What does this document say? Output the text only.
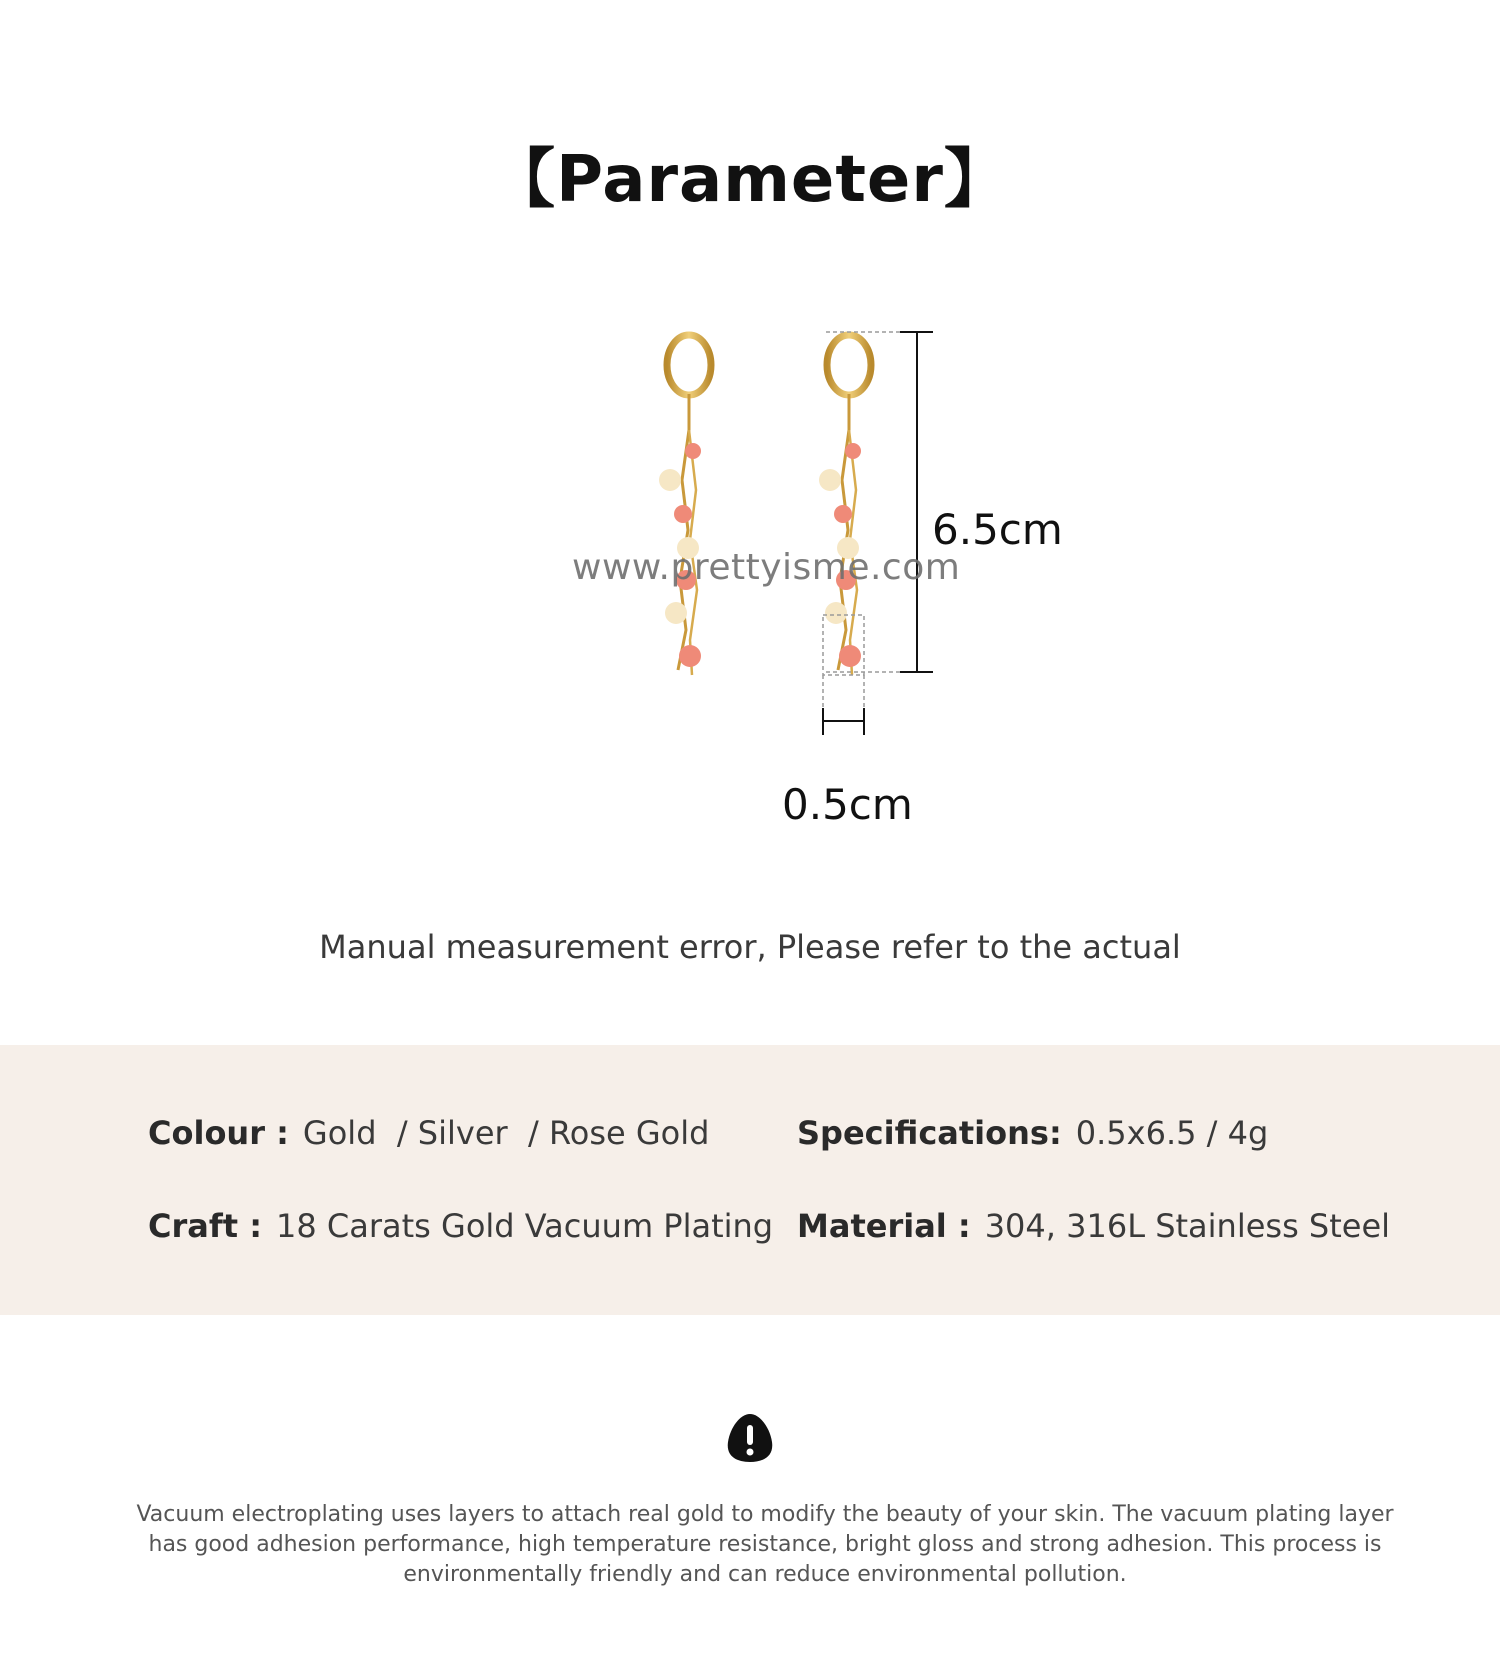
【Parameter】
6.5cm
0.5cm
www.prettyisme.com
Manual measurement error, Please refer to the actual
Colour : Gold  / Silver  / Rose Gold	Specifications: 0.5x6.5 / 4g
Craft : 18 Carats Gold Vacuum Plating Material : 304, 316L Stainless Steel
Vacuum electroplating uses layers to attach real gold to modify the beauty of your skin. The vacuum plating layer has good adhesion performance, high temperature resistance, bright gloss and strong adhesion. This process is environmentally friendly and can reduce environmental pollution.
